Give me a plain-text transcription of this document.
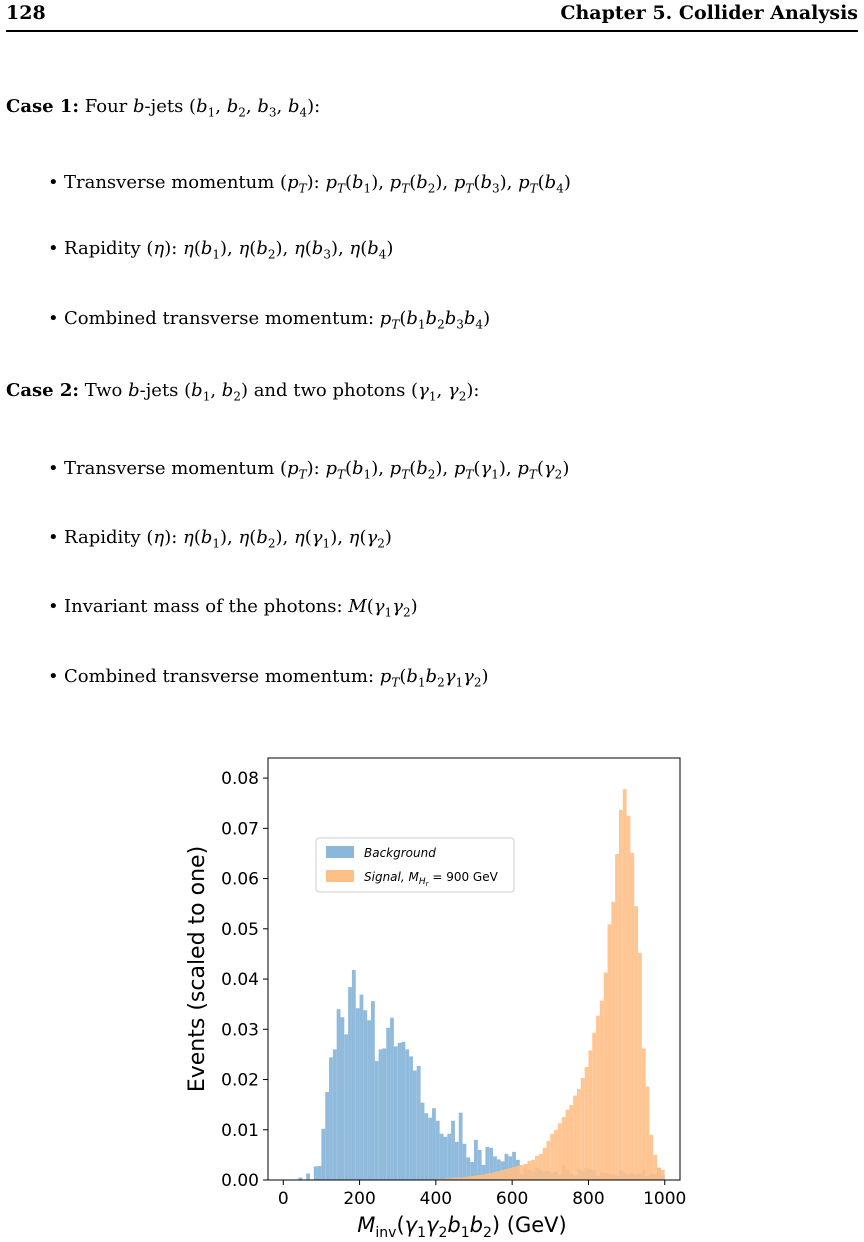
128	Chapter 5. Collider Analysis
Case 1: Four b-jets ($b_1$, $b_2$, $b_3$, $b_4$):
• Transverse momentum $(p_T)$: $p_T(b_1)$, $p_T(b_2)$, $p_T(b_3)$, $p_T(b_4)$
• Rapidity (η): $\eta(b_1)$, $\eta(b_2)$, $\eta(b_3)$, $\eta(b_4)$
• Combined transverse momentum: $p_T(b_1b_2b_3b_4)$
Case 2: Two b-jets ($b_1$, $b_2$) and two photons ($\gamma_1$, $\gamma_2$):
• Transverse momentum $(p_T)$: $p_T(b_1)$, $p_T(b_2)$, $p_T(\gamma_1)$, $p_T(\gamma_2)$
• Rapidity (η): $\eta(b_1)$, $\eta(b_2)$, $\eta(\gamma_1)$, $\eta(\gamma_2)$
• Invariant mass of the photons: $M(\gamma_1\gamma_2)$
• Combined transverse momentum: $p_T(b_1b_2\gamma_1\gamma_2)$
0	200	400	600	800 1000
0.00
0.01
0.02
0.03
0.04
0.05
0.06
0.07
0.08
Events (scaled to one)
$M_{inv}(\gamma_1\gamma_2b_1b_2)$ (GeV)
Background
Signal, $M_Hr = 900$ GeV
